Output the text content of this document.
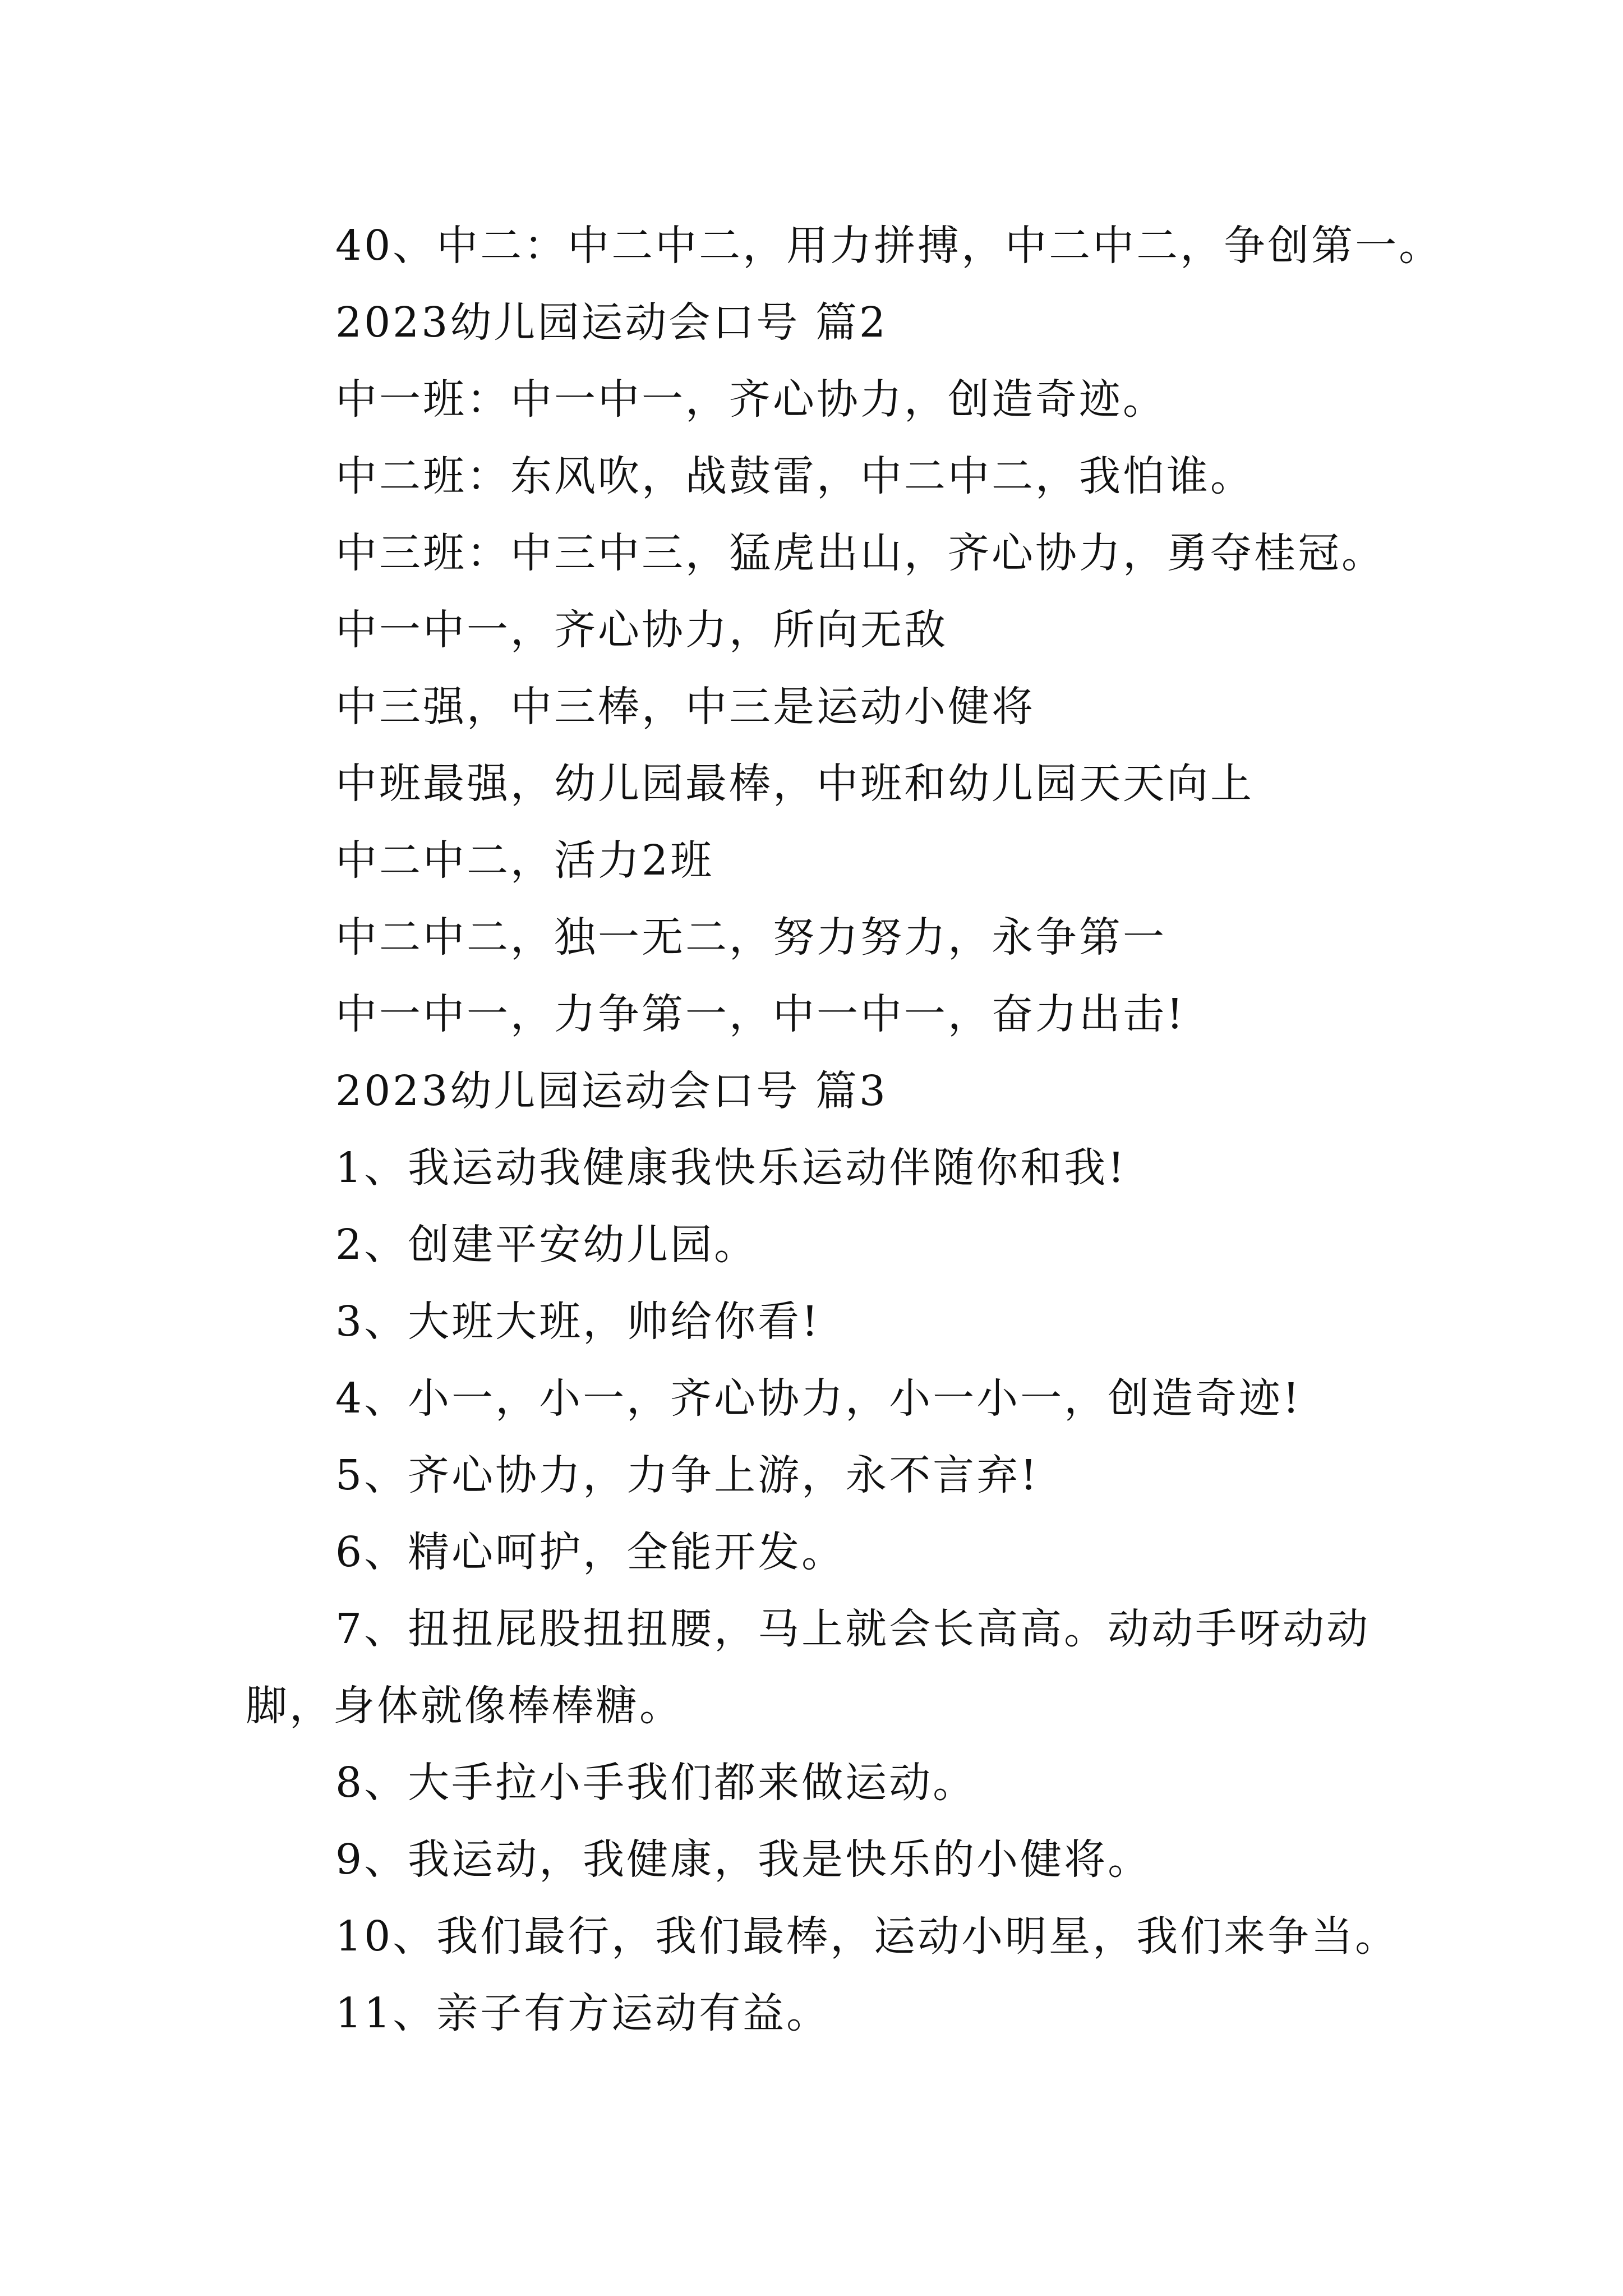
40、中二：中二中二，用力拼搏，中二中二，争创第一。
2023幼儿园运动会口号 篇2
中一班：中一中一，齐心协力，创造奇迹。
中二班：东风吹，战鼓雷，中二中二，我怕谁。
中三班：中三中三，猛虎出山，齐心协力，勇夺桂冠。
中一中一，齐心协力，所向无敌
中三强，中三棒，中三是运动小健将
中班最强，幼儿园最棒，中班和幼儿园天天向上
中二中二，活力2班
中二中二，独一无二，努力努力，永争第一
中一中一，力争第一，中一中一，奋力出击!
2023幼儿园运动会口号 篇3
1、我运动我健康我快乐运动伴随你和我!
2、创建平安幼儿园。
3、大班大班，帅给你看!
4、小一，小一，齐心协力，小一小一，创造奇迹!
5、齐心协力，力争上游，永不言弃!
6、精心呵护，全能开发。
7、扭扭屁股扭扭腰，马上就会长高高。动动手呀动动
脚，身体就像棒棒糖。
8、大手拉小手我们都来做运动。
9、我运动，我健康，我是快乐的小健将。
10、我们最行，我们最棒，运动小明星，我们来争当。
11、亲子有方运动有益。
